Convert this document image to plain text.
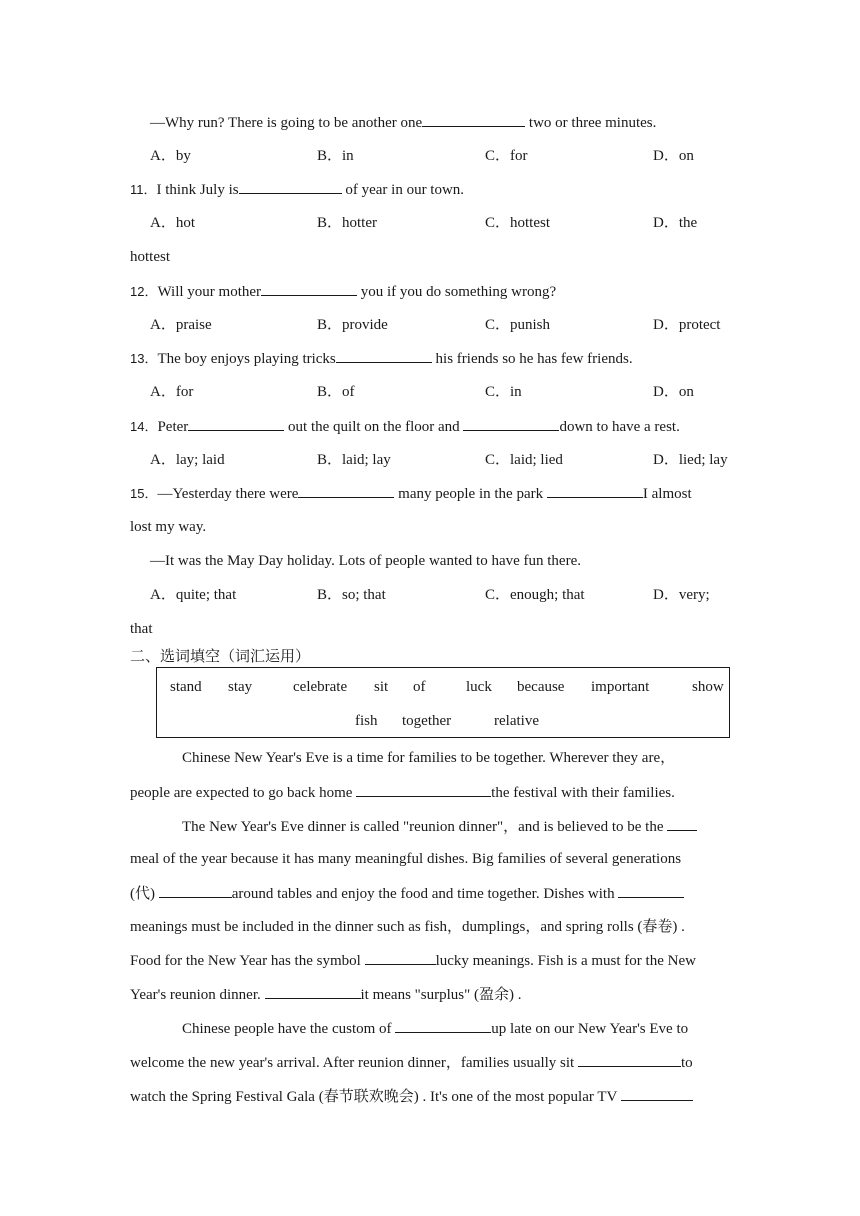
—Why run? There is going to be another one	two or three minutes.
A．by	B．in	C．for	D．on
11．I think July is	of year in our town.
A．hot	B．hotter	C．hottest	D．the
hottest
12．Will your mother	you if you do something wrong?
A．praise	B．provide	C．punish	D．protect
13．The boy enjoys playing tricks	his friends so he has few friends.
A．for	B．of	C．in	D．on
14．Peter	out the quilt on the floor and	down to have a rest.
A．lay; laid	B．laid; lay	C．laid; lied	D．lied; lay
15．—Yesterday there were	many people in the park	I almost
lost my way.
—It was the May Day holiday. Lots of people wanted to have fun there.
A．quite; that	B．so; that	C．enough; that	D．very;
that
二、选词填空（词汇运用）
stand stay	celebrate sit of	luck because important	show
fish together	relative
Chinese New Year's Eve is a time for families to be together. Wherever they are，
people are expected to go back home	the festival with their families.
The New Year's Eve dinner is called "reunion dinner"，and is believed to be the
meal of the year because it has many meaningful dishes. Big families of several generations
(代)	around tables and enjoy the food and time together. Dishes with
meanings must be included in the dinner such as fish，dumplings，and spring rolls (春卷) .
Food for the New Year has the symbol	lucky meanings. Fish is a must for the New
Year's reunion dinner.	it means "surplus" (盈余) .
Chinese people have the custom of	up late on our New Year's Eve to
welcome the new year's arrival. After reunion dinner，families usually sit	to
watch the Spring Festival Gala (春节联欢晚会) . It's one of the most popular TV
